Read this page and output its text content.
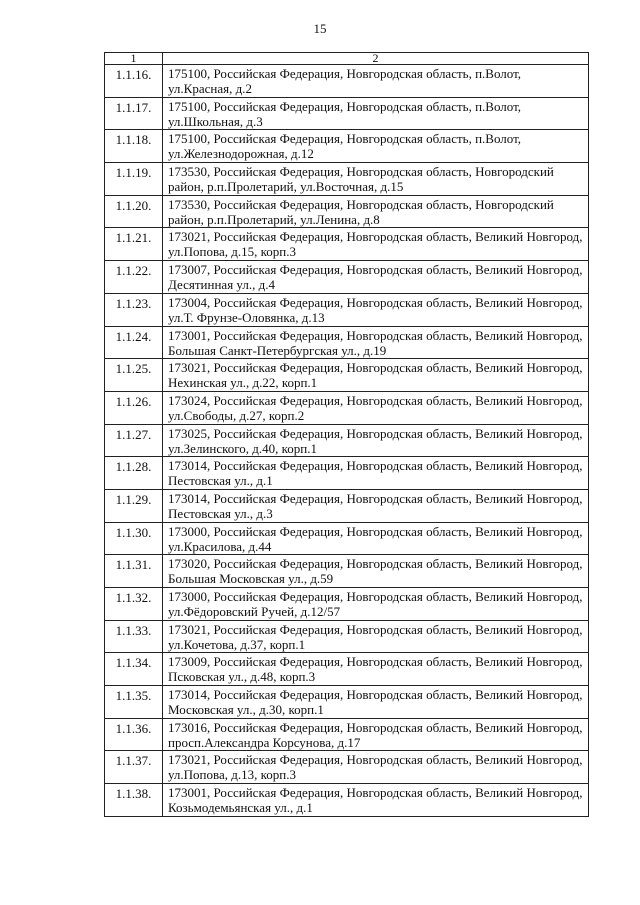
15
1	2
1.1.16.	175100, Российская Федерация, Новгородская область, п.Волот, ул.Красная, д.2
1.1.17.	175100, Российская Федерация, Новгородская область, п.Волот, ул.Школьная, д.3
1.1.18.	175100, Российская Федерация, Новгородская область, п.Волот, ул.Железнодорожная, д.12
1.1.19.	173530, Российская Федерация, Новгородская область, Новгородский район, р.п.Пролетарий, ул.Восточная, д.15
1.1.20.	173530, Российская Федерация, Новгородская область, Новгородский район, р.п.Пролетарий, ул.Ленина, д.8
1.1.21.	173021, Российская Федерация, Новгородская область, Великий Новгород, ул.Попова, д.15, корп.3
1.1.22.	173007, Российская Федерация, Новгородская область, Великий Новгород, Десятинная ул., д.4
1.1.23.	173004, Российская Федерация, Новгородская область, Великий Новгород, ул.Т. Фрунзе-Оловянка, д.13
1.1.24.	173001, Российская Федерация, Новгородская область, Великий Новгород, Большая Санкт-Петербургская ул., д.19
1.1.25.	173021, Российская Федерация, Новгородская область, Великий Новгород, Нехинская ул., д.22, корп.1
1.1.26.	173024, Российская Федерация, Новгородская область, Великий Новгород, ул.Свободы, д.27, корп.2
1.1.27.	173025, Российская Федерация, Новгородская область, Великий Новгород, ул.Зелинского, д.40, корп.1
1.1.28.	173014, Российская Федерация, Новгородская область, Великий Новгород, Пестовская ул., д.1
1.1.29.	173014, Российская Федерация, Новгородская область, Великий Новгород, Пестовская ул., д.3
1.1.30.	173000, Российская Федерация, Новгородская область, Великий Новгород, ул.Красилова, д.44
1.1.31.	173020, Российская Федерация, Новгородская область, Великий Новгород, Большая Московская ул., д.59
1.1.32.	173000, Российская Федерация, Новгородская область, Великий Новгород, ул.Фёдоровский Ручей, д.12/57
1.1.33.	173021, Российская Федерация, Новгородская область, Великий Новгород, ул.Кочетова, д.37, корп.1
1.1.34.	173009, Российская Федерация, Новгородская область, Великий Новгород, Псковская ул., д.48, корп.3
1.1.35.	173014, Российская Федерация, Новгородская область, Великий Новгород, Московская ул., д.30, корп.1
1.1.36.	173016, Российская Федерация, Новгородская область, Великий Новгород, просп.Александра Корсунова, д.17
1.1.37.	173021, Российская Федерация, Новгородская область, Великий Новгород, ул.Попова, д.13, корп.3
1.1.38.	173001, Российская Федерация, Новгородская область, Великий Новгород, Козьмодемьянская ул., д.1
